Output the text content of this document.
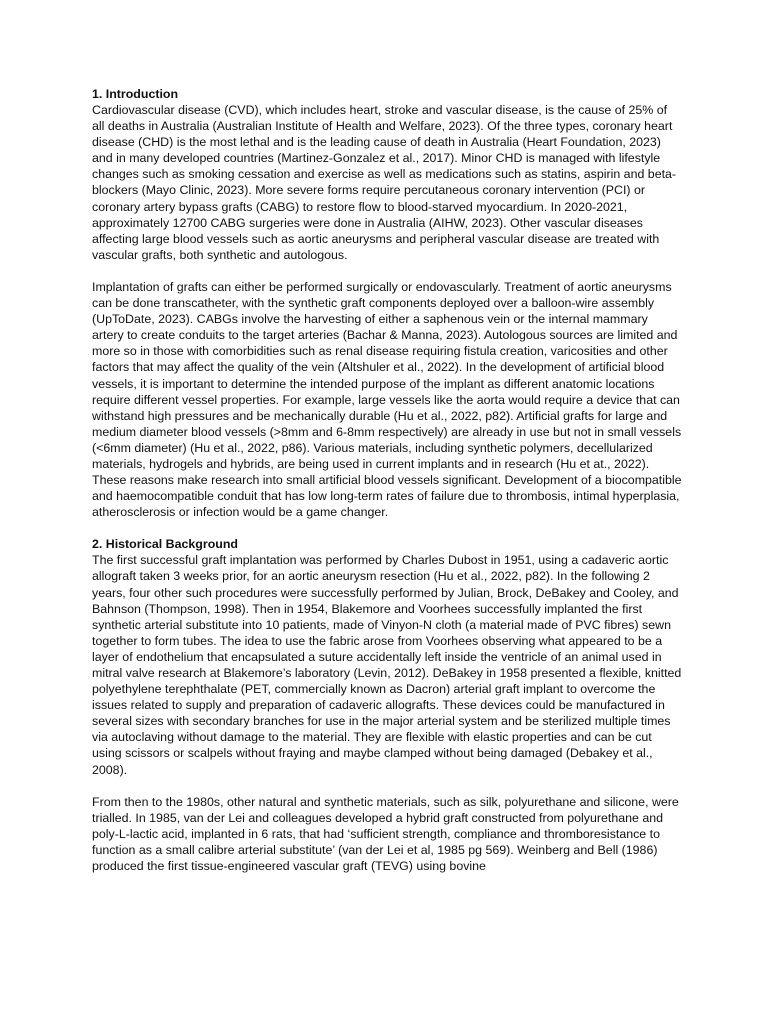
1. Introduction

Cardiovascular disease (CVD), which includes heart, stroke and vascular disease, is the cause of 25% of all deaths in Australia (Australian Institute of Health and Welfare, 2023). Of the three types, coronary heart disease (CHD) is the most lethal and is the leading cause of death in Australia (Heart Foundation, 2023) and in many developed countries (Martinez-Gonzalez et al., 2017). Minor CHD is managed with lifestyle changes such as smoking cessation and exercise as well as medications such as statins, aspirin and beta-blockers (Mayo Clinic, 2023). More severe forms require percutaneous coronary intervention (PCI) or coronary artery bypass grafts (CABG) to restore flow to blood-starved myocardium. In 2020-2021, approximately 12700 CABG surgeries were done in Australia (AIHW, 2023). Other vascular diseases affecting large blood vessels such as aortic aneurysms and peripheral vascular disease are treated with vascular grafts, both synthetic and autologous.

Implantation of grafts can either be performed surgically or endovascularly. Treatment of aortic aneurysms can be done transcatheter, with the synthetic graft components deployed over a balloon-wire assembly (UpToDate, 2023). CABGs involve the harvesting of either a saphenous vein or the internal mammary artery to create conduits to the target arteries (Bachar & Manna, 2023). Autologous sources are limited and more so in those with comorbidities such as renal disease requiring fistula creation, varicosities and other factors that may affect the quality of the vein (Altshuler et al., 2022). In the development of artificial blood vessels, it is important to determine the intended purpose of the implant as different anatomic locations require different vessel properties. For example, large vessels like the aorta would require a device that can withstand high pressures and be mechanically durable (Hu et al., 2022, p82). Artificial grafts for large and medium diameter blood vessels (>8mm and 6-8mm respectively) are already in use but not in small vessels (<6mm diameter) (Hu et al., 2022, p86). Various materials, including synthetic polymers, decellularized materials, hydrogels and hybrids, are being used in current implants and in research (Hu et at., 2022). These reasons make research into small artificial blood vessels significant. Development of a biocompatible and haemocompatible conduit that has low long-term rates of failure due to thrombosis, intimal hyperplasia, atherosclerosis or infection would be a game changer.

2. Historical Background

The first successful graft implantation was performed by Charles Dubost in 1951, using a cadaveric aortic allograft taken 3 weeks prior, for an aortic aneurysm resection (Hu et al., 2022, p82). In the following 2 years, four other such procedures were successfully performed by Julian, Brock, DeBakey and Cooley, and Bahnson (Thompson, 1998). Then in 1954, Blakemore and Voorhees successfully implanted the first synthetic arterial substitute into 10 patients, made of Vinyon-N cloth (a material made of PVC fibres) sewn together to form tubes. The idea to use the fabric arose from Voorhees observing what appeared to be a layer of endothelium that encapsulated a suture accidentally left inside the ventricle of an animal used in mitral valve research at Blakemore’s laboratory (Levin, 2012). DeBakey in 1958 presented a flexible, knitted polyethylene terephthalate (PET, commercially known as Dacron) arterial graft implant to overcome the issues related to supply and preparation of cadaveric allografts. These devices could be manufactured in several sizes with secondary branches for use in the major arterial system and be sterilized multiple times via autoclaving without damage to the material. They are flexible with elastic properties and can be cut using scissors or scalpels without fraying and maybe clamped without being damaged (Debakey et al., 2008).

From then to the 1980s, other natural and synthetic materials, such as silk, polyurethane and silicone, were trialled. In 1985, van der Lei and colleagues developed a hybrid graft constructed from polyurethane and poly-L-lactic acid, implanted in 6 rats, that had ‘sufficient strength, compliance and thromboresistance to function as a small calibre arterial substitute’ (van der Lei et al, 1985 pg 569). Weinberg and Bell (1986) produced the first tissue-engineered vascular graft (TEVG) using bovine
